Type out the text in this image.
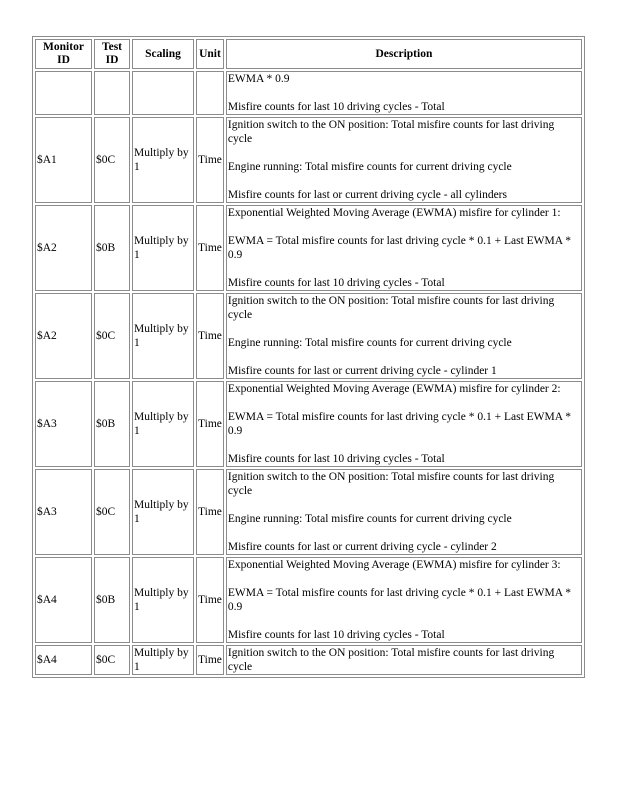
Monitor ID	Test ID	Scaling	Unit	Description

				EWMA * 0.9
Misfire counts for last 10 driving cycles - Total

$A1	$0C	Multiply by 1	Time	Ignition switch to the ON position: Total misfire counts for last driving cycle
Engine running: Total misfire counts for current driving cycle
Misfire counts for last or current driving cycle - all cylinders

$A2	$0B	Multiply by 1	Time	Exponential Weighted Moving Average (EWMA) misfire for cylinder 1:
EWMA = Total misfire counts for last driving cycle * 0.1 + Last EWMA * 0.9
Misfire counts for last 10 driving cycles - Total

$A2	$0C	Multiply by 1	Time	Ignition switch to the ON position: Total misfire counts for last driving cycle
Engine running: Total misfire counts for current driving cycle
Misfire counts for last or current driving cycle - cylinder 1

$A3	$0B	Multiply by 1	Time	Exponential Weighted Moving Average (EWMA) misfire for cylinder 2:
EWMA = Total misfire counts for last driving cycle * 0.1 + Last EWMA * 0.9
Misfire counts for last 10 driving cycles - Total

$A3	$0C	Multiply by 1	Time	Ignition switch to the ON position: Total misfire counts for last driving cycle
Engine running: Total misfire counts for current driving cycle
Misfire counts for last or current driving cycle - cylinder 2

$A4	$0B	Multiply by 1	Time	Exponential Weighted Moving Average (EWMA) misfire for cylinder 3:
EWMA = Total misfire counts for last driving cycle * 0.1 + Last EWMA * 0.9
Misfire counts for last 10 driving cycles - Total

$A4	$0C	Multiply by 1	Time	Ignition switch to the ON position: Total misfire counts for last driving cycle
